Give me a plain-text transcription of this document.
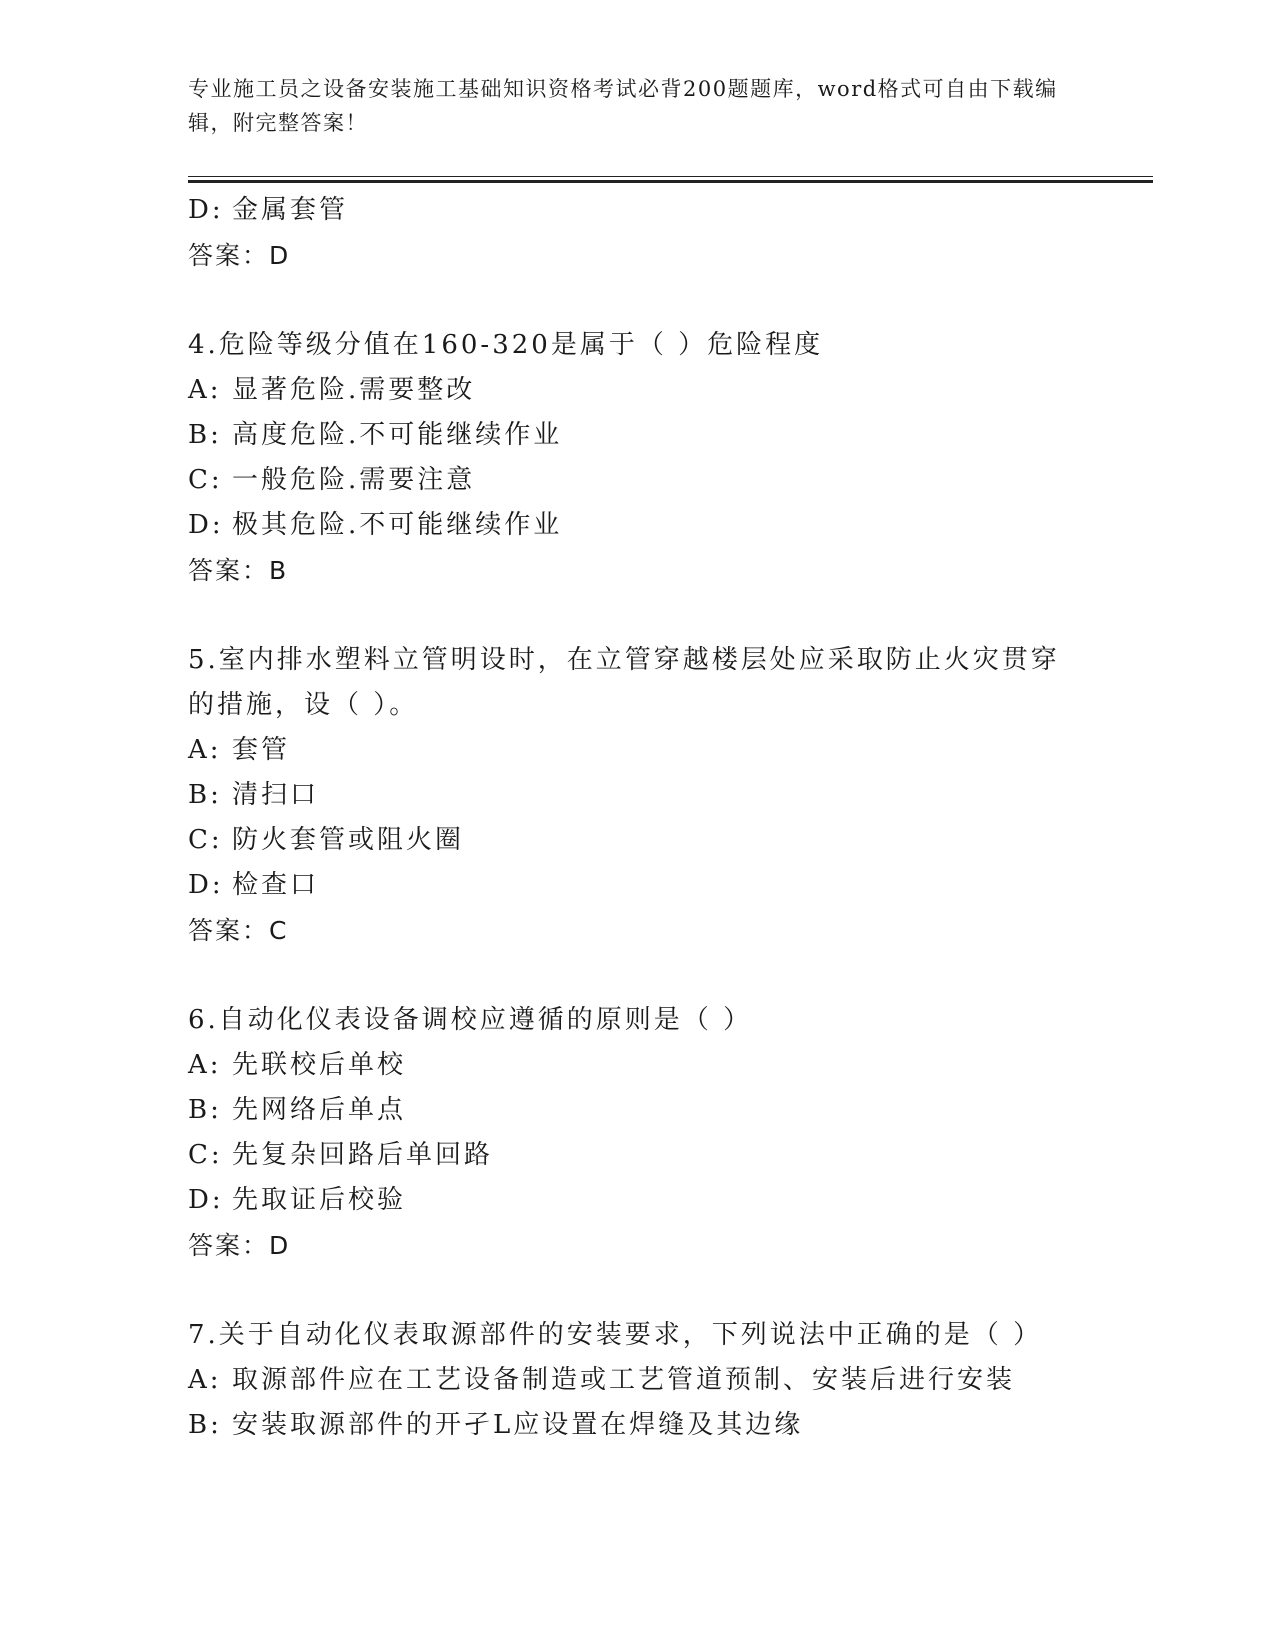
专业施工员之设备安装施工基础知识资格考试必背200题题库，word格式可自由下载编辑，附完整答案！
D: 金属套管
答案：D
4.危险等级分值在160-320是属于（ ）危险程度
A: 显著危险.需要整改
B: 高度危险.不可能继续作业
C: 一般危险.需要注意
D: 极其危险.不可能继续作业
答案：B
5.室内排水塑料立管明设时，在立管穿越楼层处应采取防止火灾贯穿
的措施，设（ ）。
A: 套管
B: 清扫口
C: 防火套管或阻火圈
D: 检查口
答案：C
6.自动化仪表设备调校应遵循的原则是（ ）
A: 先联校后单校
B: 先网络后单点
C: 先复杂回路后单回路
D: 先取证后校验
答案：D
7.关于自动化仪表取源部件的安装要求，下列说法中正确的是（ ）
A: 取源部件应在工艺设备制造或工艺管道预制、安装后进行安装
B: 安装取源部件的开孑L应设置在焊缝及其边缘
